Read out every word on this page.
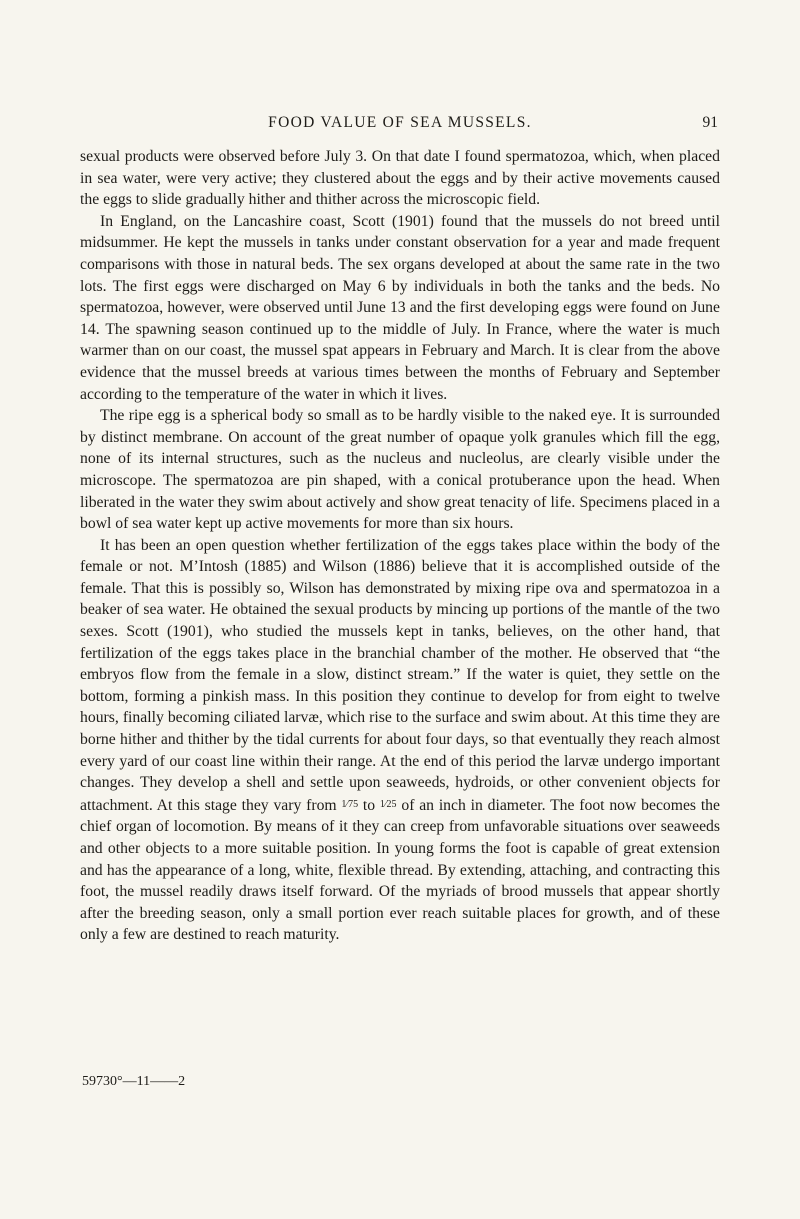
FOOD VALUE OF SEA MUSSELS.	91

sexual products were observed before July 3. On that date I found spermatozoa, which, when placed in sea water, were very active; they clustered about the eggs and by their active movements caused the eggs to slide gradually hither and thither across the microscopic field.

In England, on the Lancashire coast, Scott (1901) found that the mussels do not breed until midsummer. He kept the mussels in tanks under constant observation for a year and made frequent comparisons with those in natural beds. The sex organs developed at about the same rate in the two lots. The first eggs were discharged on May 6 by individuals in both the tanks and the beds. No spermatozoa, however, were observed until June 13 and the first developing eggs were found on June 14. The spawning season continued up to the middle of July. In France, where the water is much warmer than on our coast, the mussel spat appears in February and March. It is clear from the above evidence that the mussel breeds at various times between the months of February and September according to the temperature of the water in which it lives.

The ripe egg is a spherical body so small as to be hardly visible to the naked eye. It is surrounded by distinct membrane. On account of the great number of opaque yolk granules which fill the egg, none of its internal structures, such as the nucleus and nucleolus, are clearly visible under the microscope. The spermatozoa are pin shaped, with a conical protuberance upon the head. When liberated in the water they swim about actively and show great tenacity of life. Specimens placed in a bowl of sea water kept up active movements for more than six hours.

It has been an open question whether fertilization of the eggs takes place within the body of the female or not. M’Intosh (1885) and Wilson (1886) believe that it is accomplished outside of the female. That this is possibly so, Wilson has demonstrated by mixing ripe ova and spermatozoa in a beaker of sea water. He obtained the sexual products by mincing up portions of the mantle of the two sexes. Scott (1901), who studied the mussels kept in tanks, believes, on the other hand, that fertilization of the eggs takes place in the branchial chamber of the mother. He observed that “the embryos flow from the female in a slow, distinct stream.” If the water is quiet, they settle on the bottom, forming a pinkish mass. In this position they continue to develop for from eight to twelve hours, finally becoming ciliated larvæ, which rise to the surface and swim about. At this time they are borne hither and thither by the tidal currents for about four days, so that eventually they reach almost every yard of our coast line within their range. At the end of this period the larvæ undergo important changes. They develop a shell and settle upon seaweeds, hydroids, or other convenient objects for attachment. At this stage they vary from 1⁄75 to 1⁄25 of an inch in diameter. The foot now becomes the chief organ of locomotion. By means of it they can creep from unfavorable situations over seaweeds and other objects to a more suitable position. In young forms the foot is capable of great extension and has the appearance of a long, white, flexible thread. By extending, attaching, and contracting this foot, the mussel readily draws itself forward. Of the myriads of brood mussels that appear shortly after the breeding season, only a small portion ever reach suitable places for growth, and of these only a few are destined to reach maturity.

59730°—11——2
